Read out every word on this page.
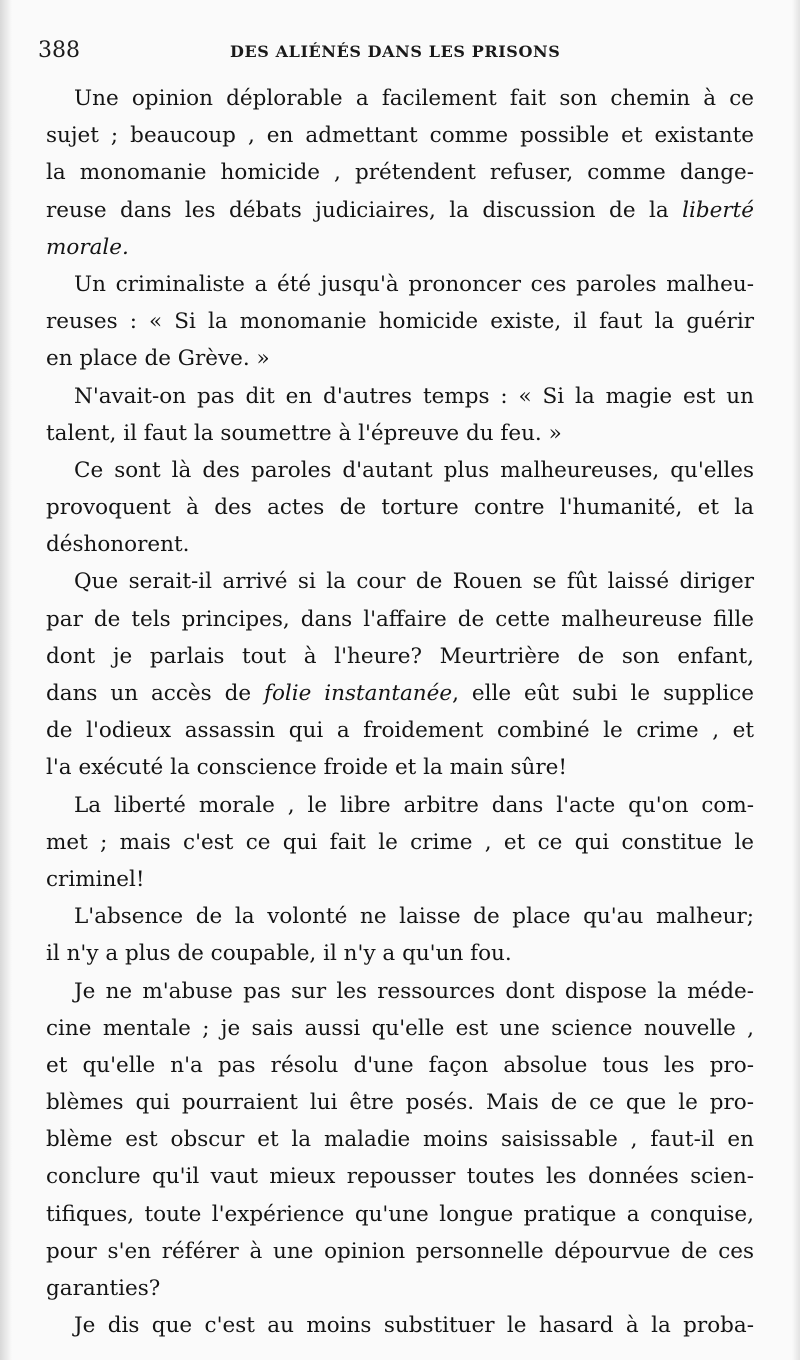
388	DES ALIÉNÉS DANS LES PRISONS

Une opinion déplorable a facilement fait son chemin à ce
sujet ; beaucoup , en admettant comme possible et existante
la monomanie homicide , prétendent refuser, comme dange-
reuse dans les débats judiciaires, la discussion de la liberté
morale.

Un criminaliste a été jusqu'à prononcer ces paroles malheu-
reuses : « Si la monomanie homicide existe, il faut la guérir
en place de Grève. »

N'avait-on pas dit en d'autres temps : « Si la magie est un
talent, il faut la soumettre à l'épreuve du feu. »

Ce sont là des paroles d'autant plus malheureuses, qu'elles
provoquent à des actes de torture contre l'humanité, et la
déshonorent.

Que serait-il arrivé si la cour de Rouen se fût laissé diriger
par de tels principes, dans l'affaire de cette malheureuse fille
dont je parlais tout à l'heure? Meurtrière de son enfant,
dans un accès de folie instantanée, elle eût subi le supplice
de l'odieux assassin qui a froidement combiné le crime , et
l'a exécuté la conscience froide et la main sûre!

La liberté morale , le libre arbitre dans l'acte qu'on com-
met ; mais c'est ce qui fait le crime , et ce qui constitue le
criminel!

L'absence de la volonté ne laisse de place qu'au malheur;
il n'y a plus de coupable, il n'y a qu'un fou.

Je ne m'abuse pas sur les ressources dont dispose la méde-
cine mentale ; je sais aussi qu'elle est une science nouvelle ,
et qu'elle n'a pas résolu d'une façon absolue tous les pro-
blèmes qui pourraient lui être posés. Mais de ce que le pro-
blème est obscur et la maladie moins saisissable , faut-il en
conclure qu'il vaut mieux repousser toutes les données scien-
tifiques, toute l'expérience qu'une longue pratique a conquise,
pour s'en référer à une opinion personnelle dépourvue de ces
garanties?

Je dis que c'est au moins substituer le hasard à la proba-
